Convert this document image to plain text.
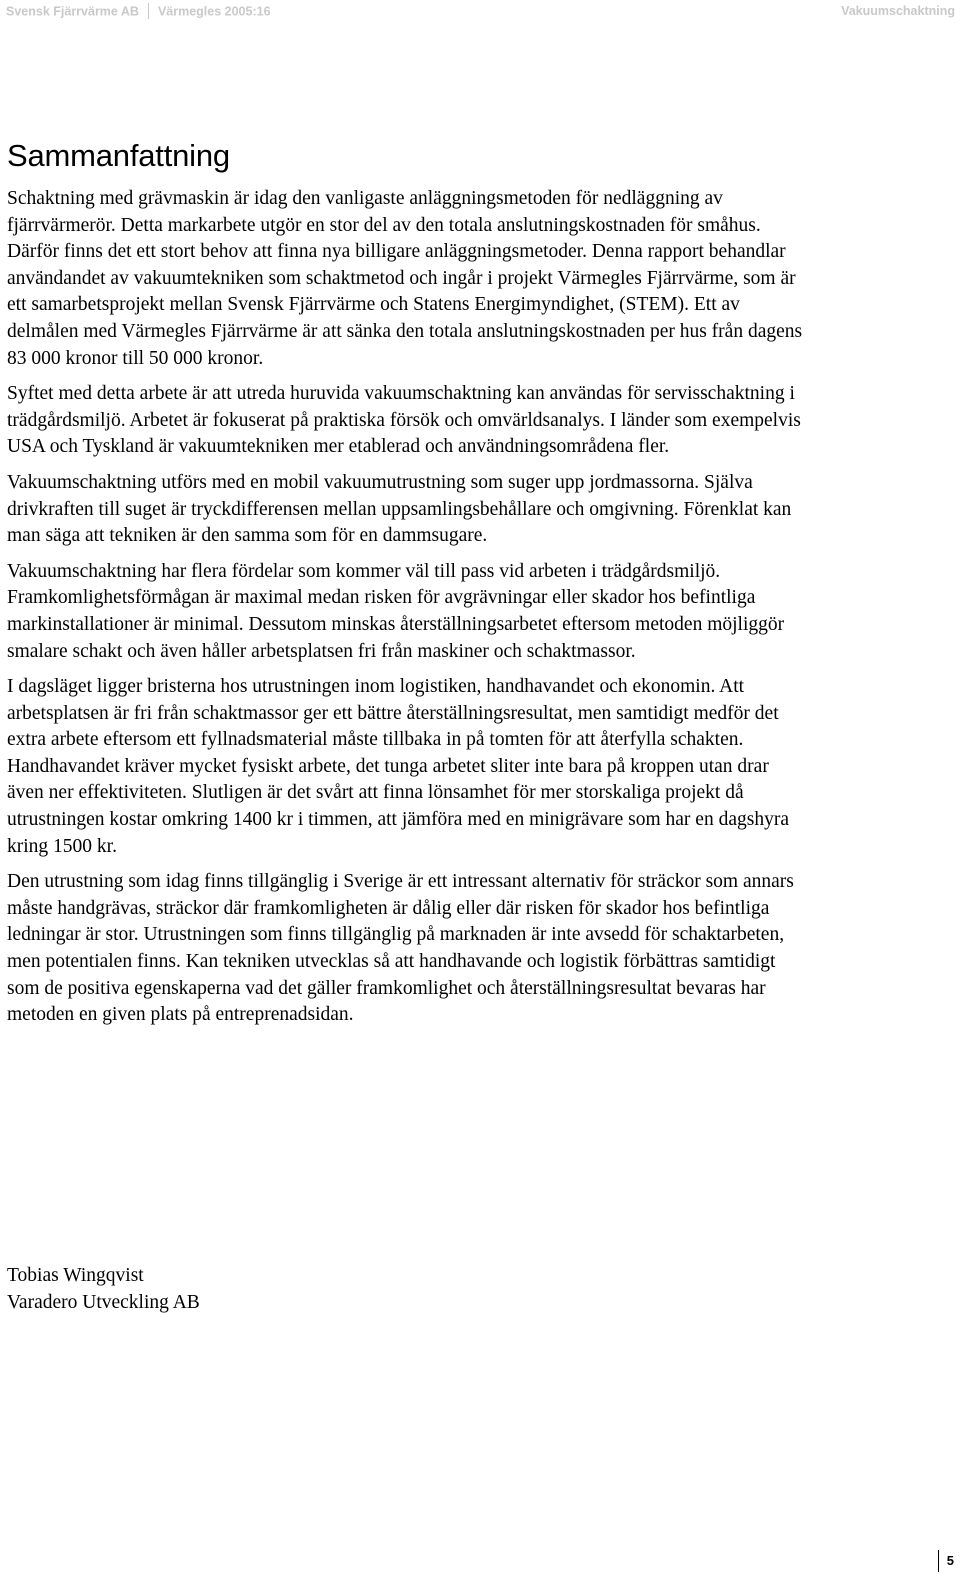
Svensk Fjärrvärme AB Värmegles 2005:16	Vakuumschaktning
Sammanfattning

Schaktning med grävmaskin är idag den vanligaste anläggningsmetoden för nedläggning av fjärrvärmerör. Detta markarbete utgör en stor del av den totala anslutningskostnaden för småhus. Därför finns det ett stort behov att finna nya billigare anläggningsmetoder. Denna rapport behandlar användandet av vakuumtekniken som schaktmetod och ingår i projekt Värmegles Fjärrvärme, som är ett samarbetsprojekt mellan Svensk Fjärrvärme och Statens Energimyndighet, (STEM). Ett av delmålen med Värmegles Fjärrvärme är att sänka den totala anslutningskostnaden per hus från dagens 83 000 kronor till 50 000 kronor.

Syftet med detta arbete är att utreda huruvida vakuumschaktning kan användas för servisschaktning i trädgårdsmiljö. Arbetet är fokuserat på praktiska försök och omvärldsanalys. I länder som exempelvis USA och Tyskland är vakuumtekniken mer etablerad och användningsområdena fler.

Vakuumschaktning utförs med en mobil vakuumutrustning som suger upp jordmassorna. Själva drivkraften till suget är tryckdifferensen mellan uppsamlingsbehållare och omgivning. Förenklat kan man säga att tekniken är den samma som för en dammsugare.

Vakuumschaktning har flera fördelar som kommer väl till pass vid arbeten i trädgårdsmiljö. Framkomlighetsförmågan är maximal medan risken för avgrävningar eller skador hos befintliga markinstallationer är minimal. Dessutom minskas återställningsarbetet eftersom metoden möjliggör smalare schakt och även håller arbetsplatsen fri från maskiner och schaktmassor.

I dagsläget ligger bristerna hos utrustningen inom logistiken, handhavandet och ekonomin. Att arbetsplatsen är fri från schaktmassor ger ett bättre återställningsresultat, men samtidigt medför det extra arbete eftersom ett fyllnadsmaterial måste tillbaka in på tomten för att återfylla schakten. Handhavandet kräver mycket fysiskt arbete, det tunga arbetet sliter inte bara på kroppen utan drar även ner effektiviteten. Slutligen är det svårt att finna lönsamhet för mer storskaliga projekt då utrustningen kostar omkring 1400 kr i timmen, att jämföra med en minigrävare som har en dagshyra kring 1500 kr.

Den utrustning som idag finns tillgänglig i Sverige är ett intressant alternativ för sträckor som annars måste handgrävas, sträckor där framkomligheten är dålig eller där risken för skador hos befintliga ledningar är stor. Utrustningen som finns tillgänglig på marknaden är inte avsedd för schaktarbeten, men potentialen finns. Kan tekniken utvecklas så att handhavande och logistik förbättras samtidigt som de positiva egenskaperna vad det gäller framkomlighet och återställningsresultat bevaras har metoden en given plats på entreprenadsidan.

Tobias Wingqvist
Varadero Utveckling AB
5
